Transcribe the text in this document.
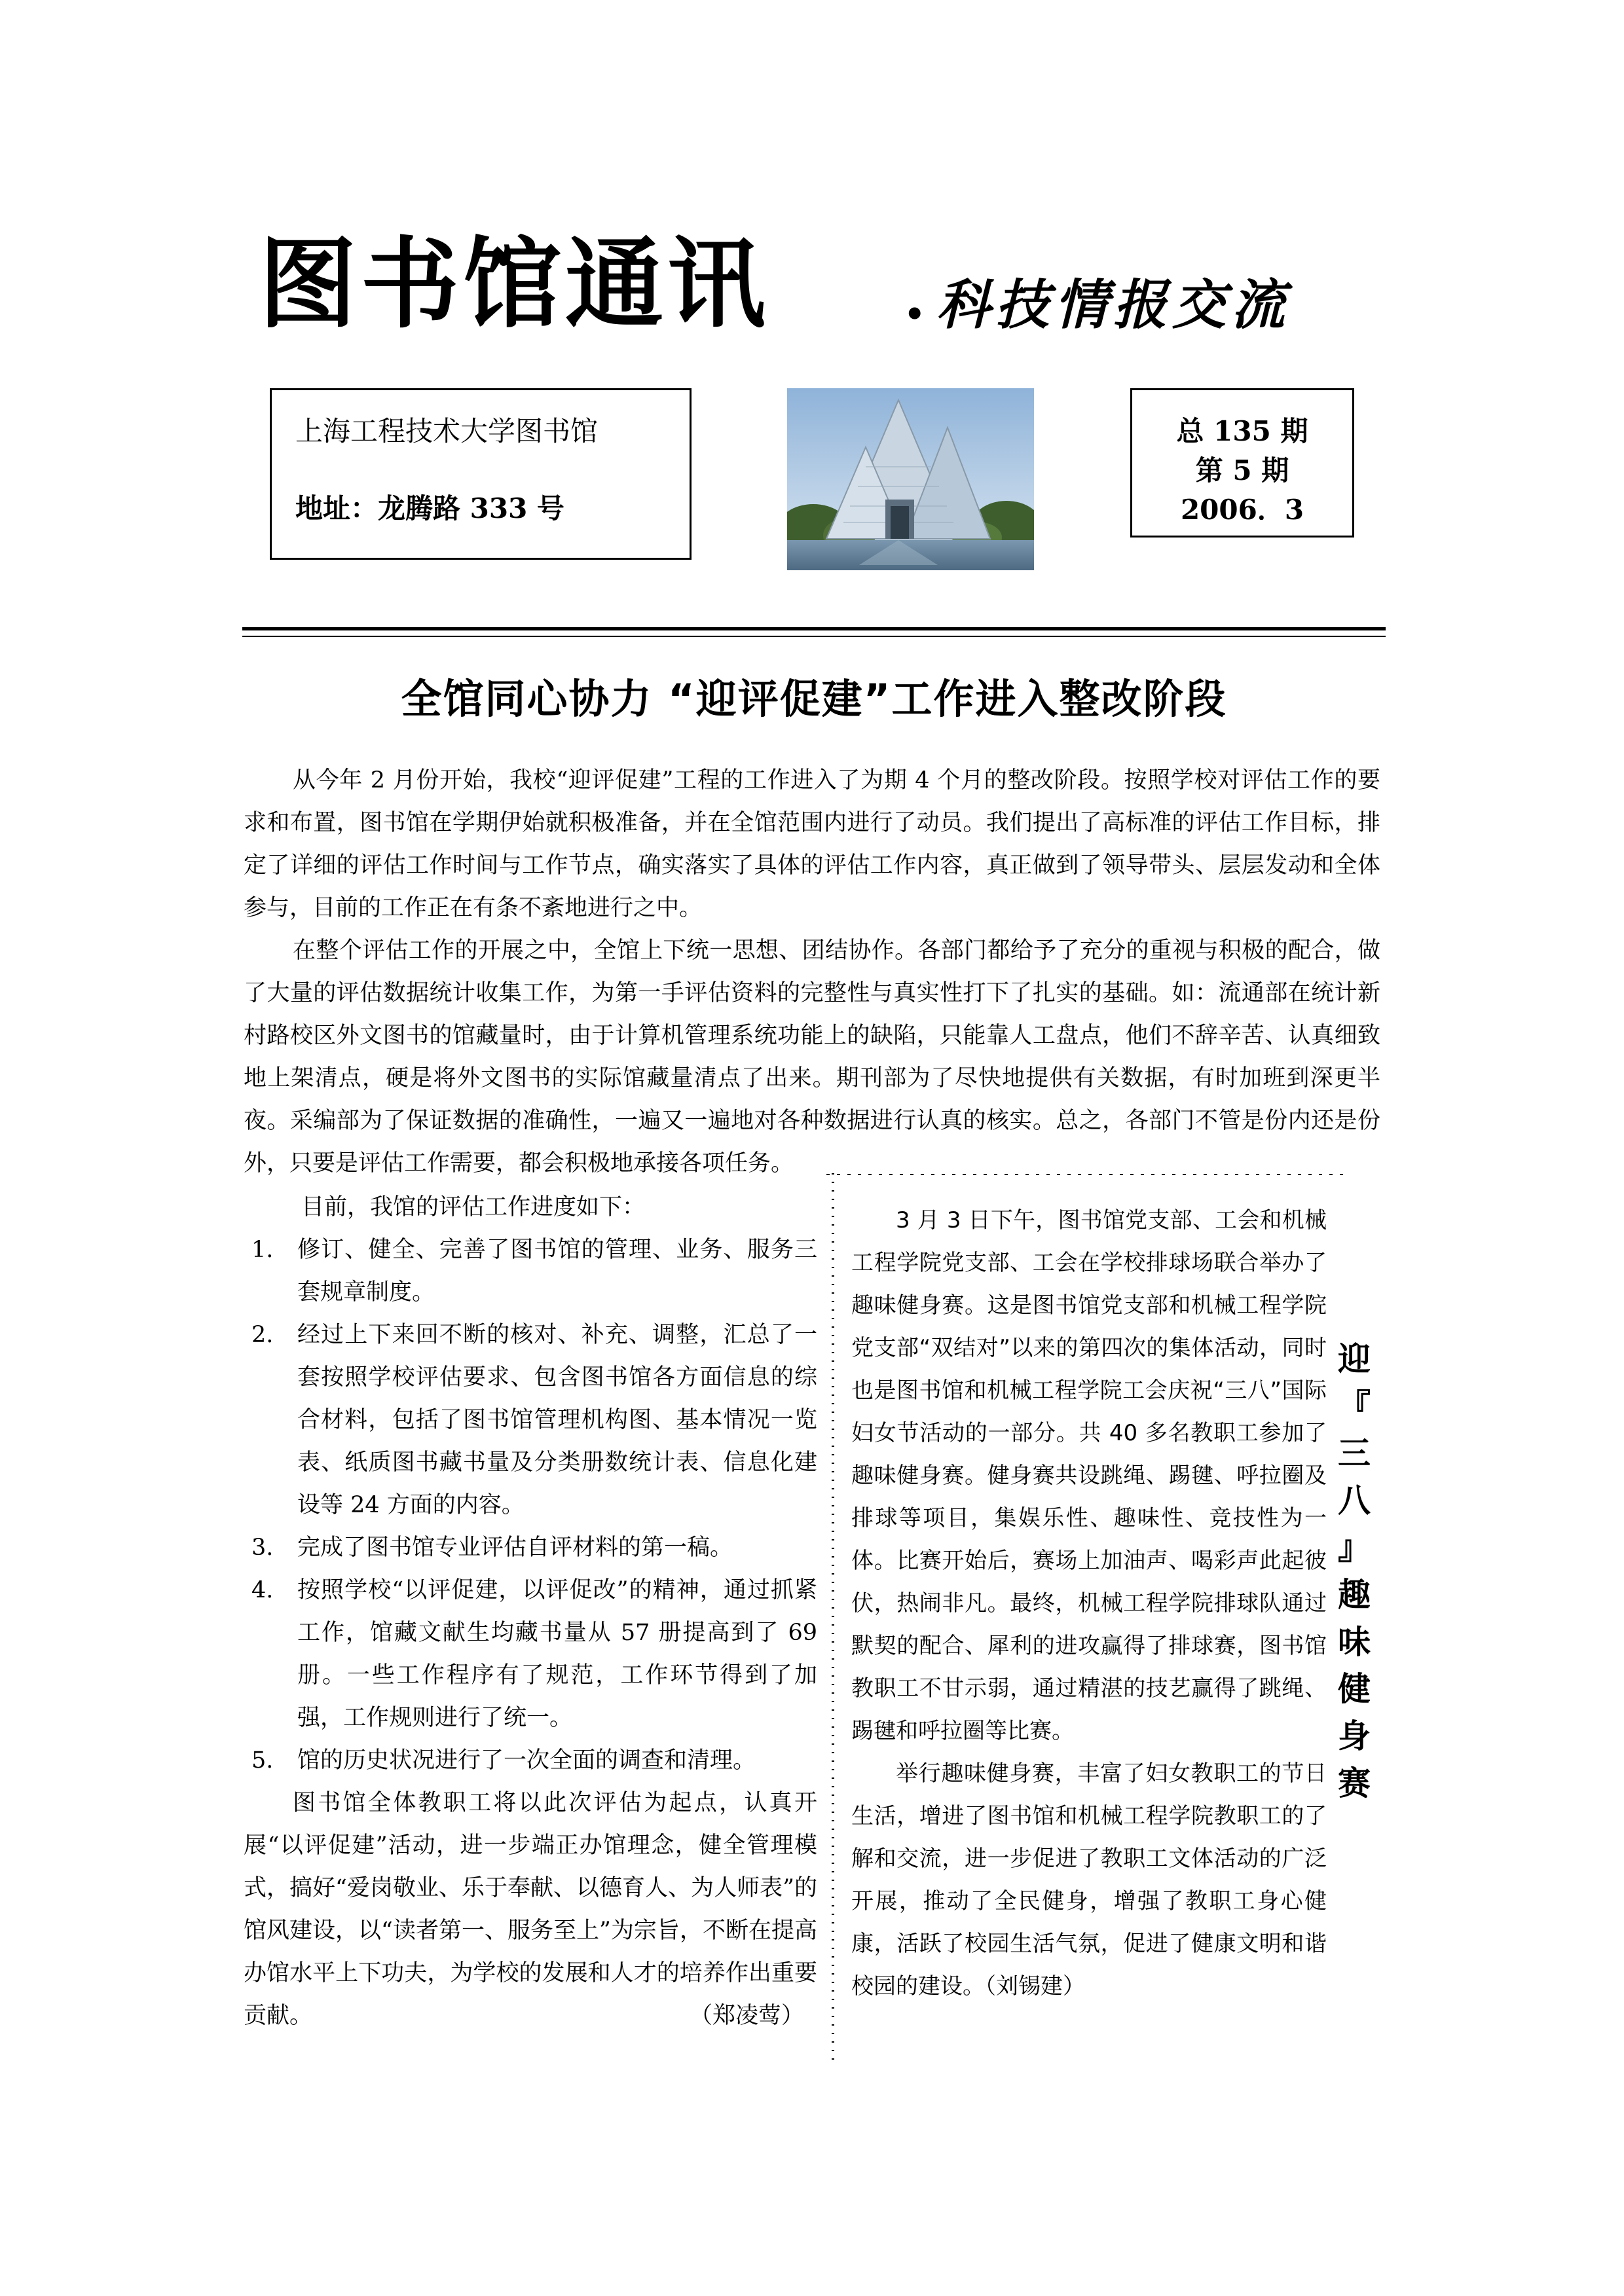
图书馆通讯 . 科技情报交流
上海工程技术大学图书馆
地址：龙腾路 333 号
总 135 期
第 5 期
2006．3
全馆同心协力 “迎评促建”工作进入整改阶段

从今年 2 月份开始，我校“迎评促建”工程的工作进入了为期 4 个月的整改阶段。按照学校对评估工作的要求和布置，图书馆在学期伊始就积极准备，并在全馆范围内进行了动员。我们提出了高标准的评估工作目标，排定了详细的评估工作时间与工作节点，确实落实了具体的评估工作内容，真正做到了领导带头、层层发动和全体参与，目前的工作正在有条不紊地进行之中。

在整个评估工作的开展之中，全馆上下统一思想、团结协作。各部门都给予了充分的重视与积极的配合，做了大量的评估数据统计收集工作，为第一手评估资料的完整性与真实性打下了扎实的基础。如：流通部在统计新村路校区外文图书的馆藏量时，由于计算机管理系统功能上的缺陷，只能靠人工盘点，他们不辞辛苦、认真细致地上架清点，硬是将外文图书的实际馆藏量清点了出来。期刊部为了尽快地提供有关数据，有时加班到深更半夜。采编部为了保证数据的准确性，一遍又一遍地对各种数据进行认真的核实。总之，各部门不管是份内还是份外，只要是评估工作需要，都会积极地承接各项任务。

目前，我馆的评估工作进度如下：

1. 修订、健全、完善了图书馆的管理、业务、服务三套规章制度。
2. 经过上下来回不断的核对、补充、调整，汇总了一套按照学校评估要求、包含图书馆各方面信息的综合材料，包括了图书馆管理机构图、基本情况一览表、纸质图书藏书量及分类册数统计表、信息化建设等 24 方面的内容。
3. 完成了图书馆专业评估自评材料的第一稿。
4. 按照学校“以评促建，以评促改”的精神，通过抓紧工作，馆藏文献生均藏书量从 57 册提高到了 69 册。一些工作程序有了规范，工作环节得到了加强，工作规则进行了统一。
5. 馆的历史状况进行了一次全面的调查和清理。

图书馆全体教职工将以此次评估为起点，认真开展“以评促建”活动，进一步端正办馆理念，健全管理模式，搞好“爱岗敬业、乐于奉献、以德育人、为人师表”的馆风建设，以“读者第一、服务至上”为宗旨，不断在提高办馆水平上下功夫，为学校的发展和人才的培养作出重要贡献。	（郑凌莺）

3 月 3 日下午，图书馆党支部、工会和机械工程学院党支部、工会在学校排球场联合举办了趣味健身赛。这是图书馆党支部和机械工程学院党支部“双结对”以来的第四次的集体活动，同时也是图书馆和机械工程学院工会庆祝“三八”国际妇女节活动的一部分。共 40 多名教职工参加了趣味健身赛。健身赛共设跳绳、踢毽、呼拉圈及排球等项目，集娱乐性、趣味性、竞技性为一体。比赛开始后，赛场上加油声、喝彩声此起彼伏，热闹非凡。最终，机械工程学院排球队通过默契的配合、犀利的进攻赢得了排球赛，图书馆教职工不甘示弱，通过精湛的技艺赢得了跳绳、踢毽和呼拉圈等比赛。

举行趣味健身赛，丰富了妇女教职工的节日生活，增进了图书馆和机械工程学院教职工的了解和交流，进一步促进了教职工文体活动的广泛开展，推动了全民健身，增强了教职工身心健康，活跃了校园生活气氛，促进了健康文明和谐校园的建设。（刘锡建）

迎
『
三
八
』
趣
味
健
身
赛
